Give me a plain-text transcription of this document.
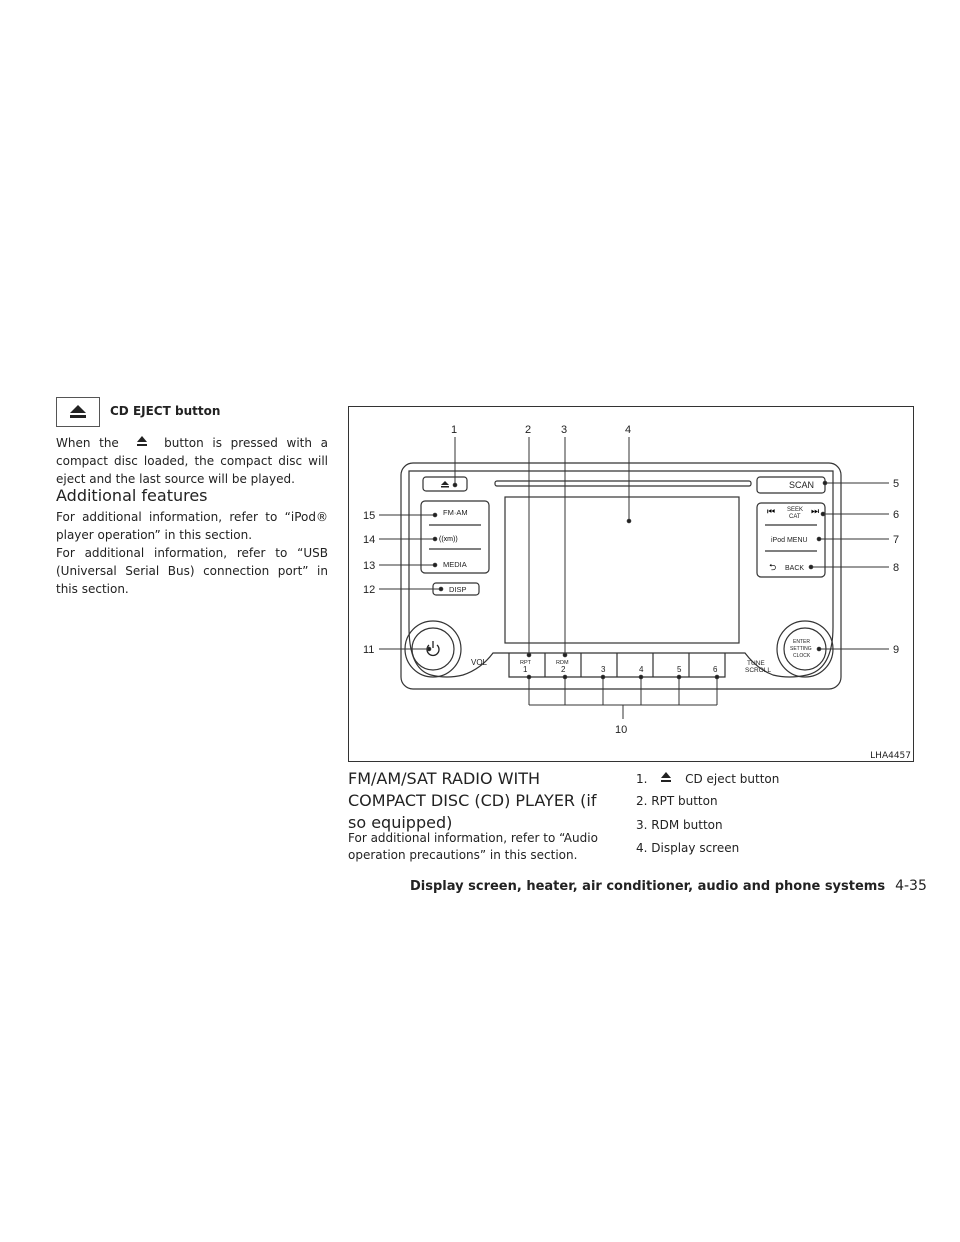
CD EJECT button
When the	button is pressed with a compact disc loaded, the compact disc will eject and the last source will be played.
Additional features
For additional information, refer to “iPod® player operation” in this section.
For additional information, refer to “USB (Universal Serial Bus) connection port” in this section.
((xm))
⏮	⏭
⮌
FM·AM
MEDIA
DISP
SCAN
SEEK
CAT
iPod MENU
BACK
VOL	RPT	RDM	TUNE
SCROLL
ENTER
SETTING
CLOCK
1	2	3	4	5	6
1	2	3	4
5
6
7
8
9
10
11
12
13
14
15
LHA4457
FM/AM/SAT RADIO WITH COMPACT DISC (CD) PLAYER (if so equipped)
For additional information, refer to “Audio operation precautions” in this section.
1.	CD eject button
2. RPT button
3. RDM button
4. Display screen
Display screen, heater, air conditioner, audio and phone systems 4-35
